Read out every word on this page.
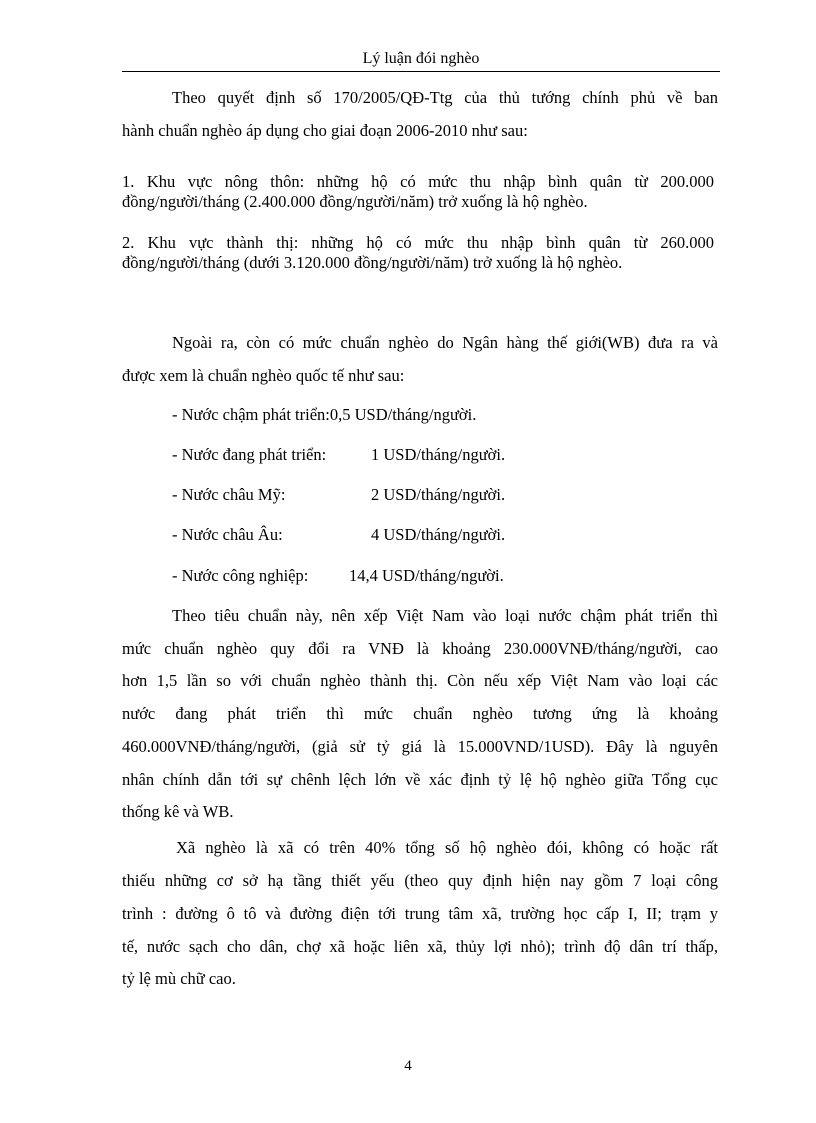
Lý luận đói nghèo
Theo quyết định số 170/2005/QĐ-Ttg của thủ tướng chính phủ về ban
hành chuẩn nghèo áp dụng cho giai đoạn 2006-2010 như sau:
1. Khu vực nông thôn: những hộ có mức thu nhập bình quân từ 200.000
đồng/người/tháng (2.400.000 đồng/người/năm) trở xuống là hộ nghèo.
2. Khu vực thành thị: những hộ có mức thu nhập bình quân từ 260.000
đồng/người/tháng (dưới 3.120.000 đồng/người/năm) trở xuống là hộ nghèo.
Ngoài ra, còn có mức chuẩn nghèo do Ngân hàng thế giới(WB) đưa ra và
được xem là chuẩn nghèo quốc tế như sau:
- Nước chậm phát triển:0,5 USD/tháng/người.
- Nước đang phát triển:	1 USD/tháng/người.
- Nước châu Mỹ:	2 USD/tháng/người.
- Nước châu Âu:	4 USD/tháng/người.
- Nước công nghiệp: 14,4 USD/tháng/người.
Theo tiêu chuẩn này, nên xếp Việt Nam vào loại nước chậm phát triển thì
mức chuẩn nghèo quy đổi ra VNĐ là khoảng 230.000VNĐ/tháng/người, cao
hơn 1,5 lần so với chuẩn nghèo thành thị. Còn nếu xếp Việt Nam vào loại các
nước đang phát triển thì mức chuẩn nghèo tương ứng là khoảng
460.000VNĐ/tháng/người, (giả sử tỷ giá là 15.000VND/1USD). Đây là nguyên
nhân chính dẫn tới sự chênh lệch lớn về xác định tỷ lệ hộ nghèo giữa Tổng cục
thống kê và WB.
Xã nghèo là xã có trên 40% tổng số hộ nghèo đói, không có hoặc rất
thiếu những cơ sở hạ tầng thiết yếu (theo quy định hiện nay gồm 7 loại công
trình : đường ô tô và đường điện tới trung tâm xã, trường học cấp I, II; trạm y
tế, nước sạch cho dân, chợ xã hoặc liên xã, thủy lợi nhỏ); trình độ dân trí thấp,
tỷ lệ mù chữ cao.
4
